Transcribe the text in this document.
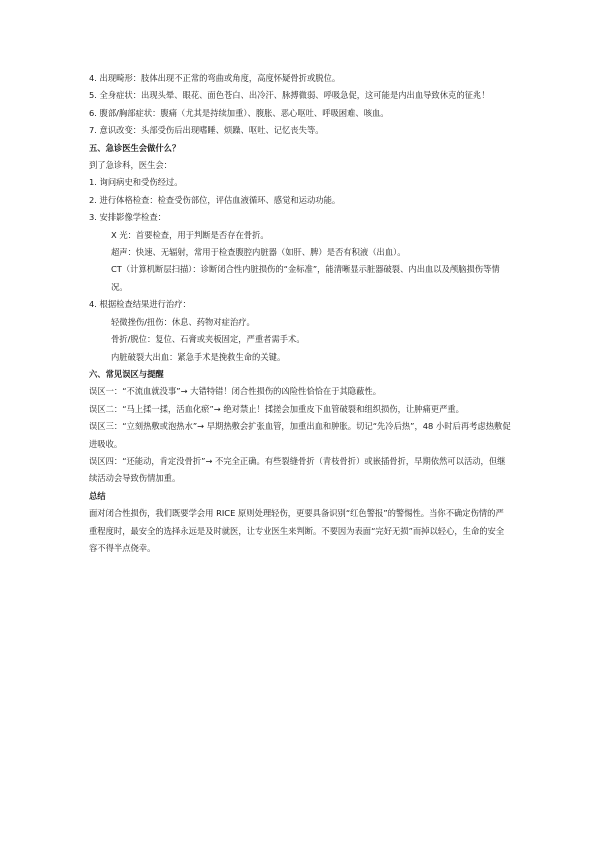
4. 出现畸形：肢体出现不正常的弯曲或角度，高度怀疑骨折或脱位。

5. 全身症状：出现头晕、眼花、面色苍白、出冷汗、脉搏微弱、呼吸急促，这可能是内出血导致休克的征兆！

6. 腹部/胸部症状：腹痛（尤其是持续加重）、腹胀、恶心呕吐、呼吸困难、咳血。

7. 意识改变：头部受伤后出现嗜睡、烦躁、呕吐、记忆丧失等。

五、急诊医生会做什么？

到了急诊科，医生会：

1. 询问病史和受伤经过。

2. 进行体格检查：检查受伤部位，评估血液循环、感觉和运动功能。

3. 安排影像学检查：

X 光：首要检查，用于判断是否存在骨折。

超声：快速、无辐射，常用于检查腹腔内脏器（如肝、脾）是否有积液（出血）。

CT（计算机断层扫描）：诊断闭合性内脏损伤的“金标准”，能清晰显示脏器破裂、内出血以及颅脑损伤等情况。

4. 根据检查结果进行治疗：

轻微挫伤/扭伤：休息、药物对症治疗。

骨折/脱位：复位、石膏或夹板固定，严重者需手术。

内脏破裂大出血：紧急手术是挽救生命的关键。

六、常见误区与提醒

误区一：“不流血就没事”→ 大错特错！闭合性损伤的凶险性恰恰在于其隐蔽性。

误区二：“马上揉一揉，活血化瘀”→ 绝对禁止！揉搓会加重皮下血管破裂和组织损伤，让肿痛更严重。

误区三：“立刻热敷或泡热水”→ 早期热敷会扩张血管，加重出血和肿胀。切记“先冷后热”，48 小时后再考虑热敷促进吸收。

误区四：“还能动，肯定没骨折”→ 不完全正确。有些裂缝骨折（青枝骨折）或嵌插骨折，早期依然可以活动，但继续活动会导致伤情加重。

总结

面对闭合性损伤，我们既要学会用 RICE 原则处理轻伤，更要具备识别“红色警报”的警惕性。当你不确定伤情的严重程度时，最安全的选择永远是及时就医，让专业医生来判断。不要因为表面“完好无损”而掉以轻心，生命的安全容不得半点侥幸。
